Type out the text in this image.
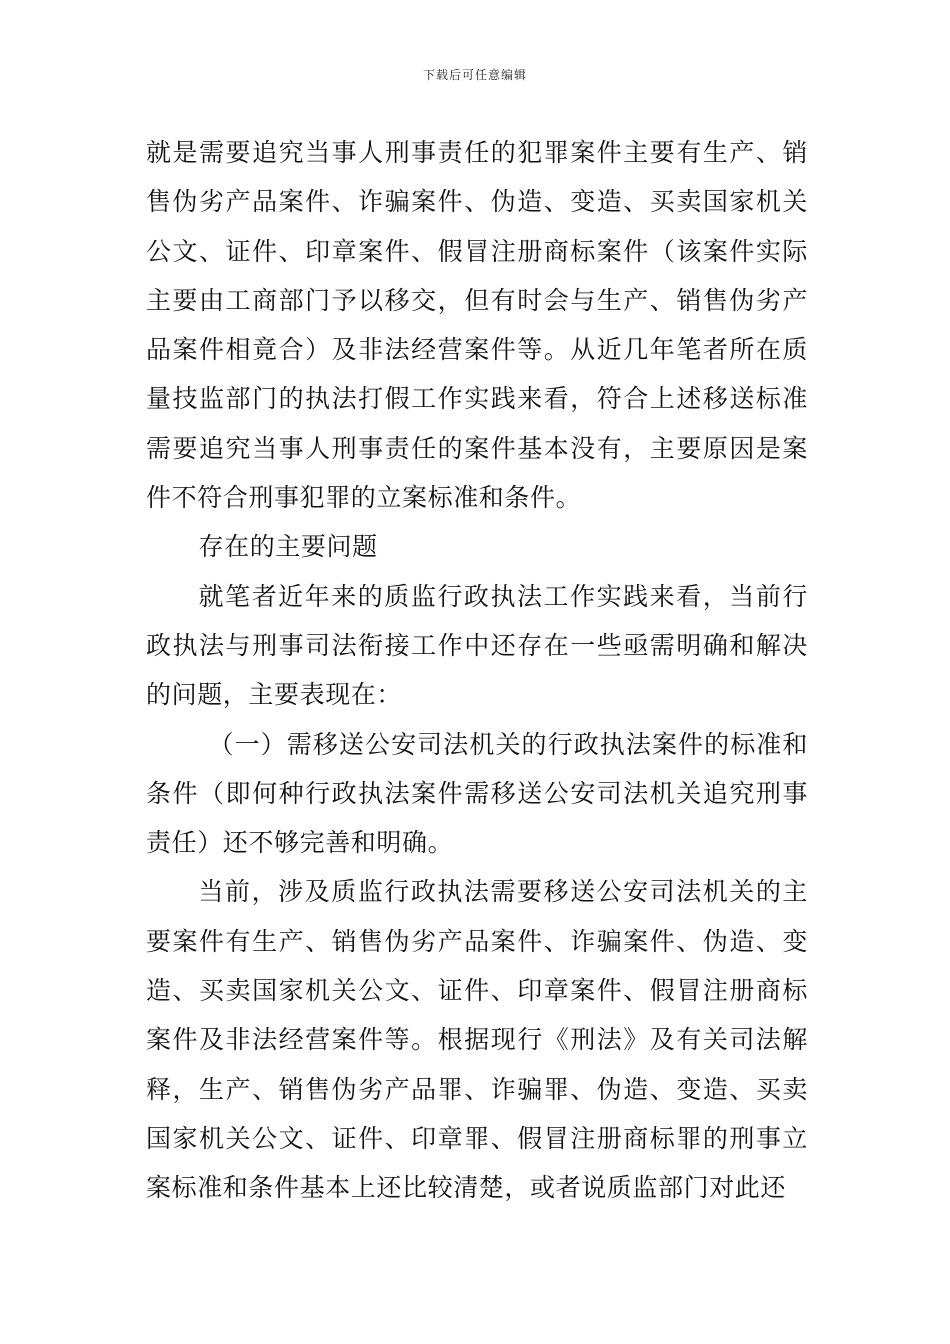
下载后可任意编辑

就是需要追究当事人刑事责任的犯罪案件主要有生产、销售伪劣产品案件、诈骗案件、伪造、变造、买卖国家机关公文、证件、印章案件、假冒注册商标案件（该案件实际主要由工商部门予以移交，但有时会与生产、销售伪劣产品案件相竟合）及非法经营案件等。从近几年笔者所在质量技监部门的执法打假工作实践来看，符合上述移送标准需要追究当事人刑事责任的案件基本没有，主要原因是案件不符合刑事犯罪的立案标准和条件。

存在的主要问题

就笔者近年来的质监行政执法工作实践来看，当前行政执法与刑事司法衔接工作中还存在一些亟需明确和解决的问题，主要表现在：

（一）需移送公安司法机关的行政执法案件的标准和条件（即何种行政执法案件需移送公安司法机关追究刑事责任）还不够完善和明确。

当前，涉及质监行政执法需要移送公安司法机关的主要案件有生产、销售伪劣产品案件、诈骗案件、伪造、变造、买卖国家机关公文、证件、印章案件、假冒注册商标案件及非法经营案件等。根据现行《刑法》及有关司法解释，生产、销售伪劣产品罪、诈骗罪、伪造、变造、买卖国家机关公文、证件、印章罪、假冒注册商标罪的刑事立案标准和条件基本上还比较清楚，或者说质监部门对此还
